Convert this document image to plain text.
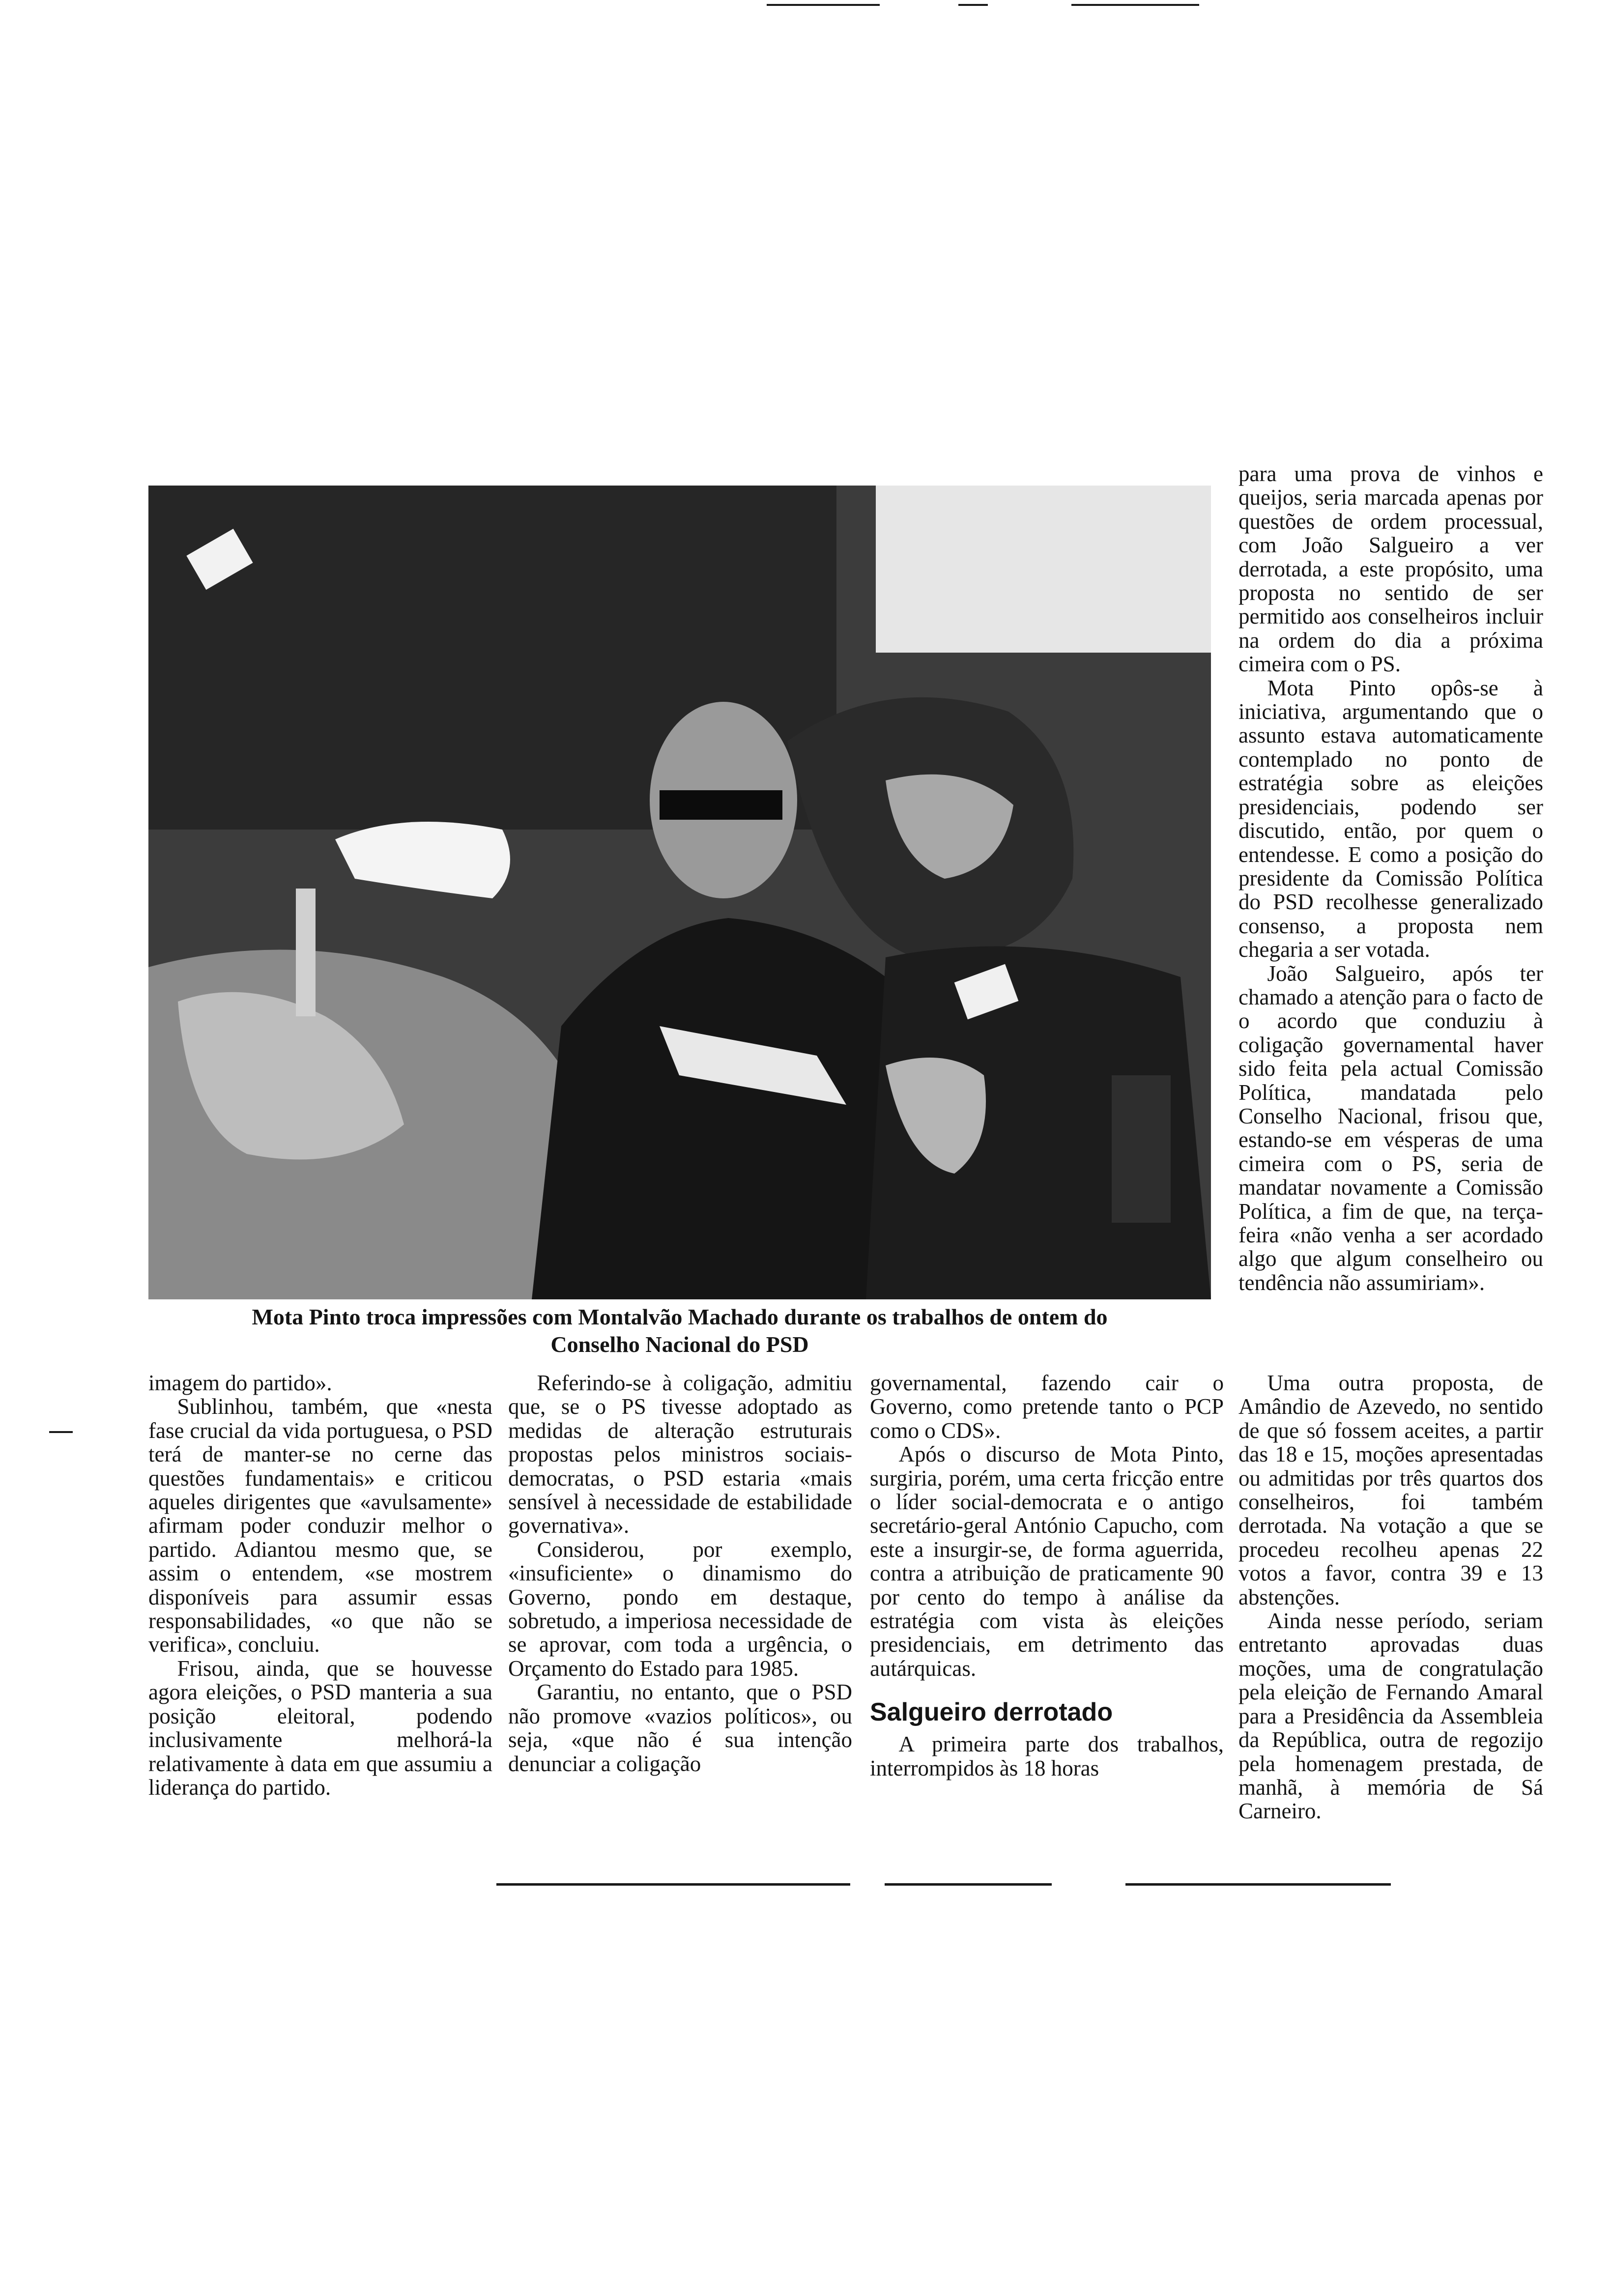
Mota Pinto troca impressões com Montalvão Machado durante os trabalhos de ontem do
Conselho Nacional do PSD

para uma prova de vinhos e queijos, seria marcada apenas por questões de ordem processual, com João Salgueiro a ver derrotada, a este propósito, uma proposta no sentido de ser permitido aos conselheiros incluir na ordem do dia a próxima cimeira com o PS.

Mota Pinto opôs-se à iniciativa, argumentando que o assunto estava automaticamente contemplado no ponto de estratégia sobre as eleições presidenciais, podendo ser discutido, então, por quem o entendesse. E como a posição do presidente da Comissão Política do PSD recolhesse generalizado consenso, a proposta nem chegaria a ser votada.

João Salgueiro, após ter chamado a atenção para o facto de o acordo que conduziu à coligação governamental haver sido feita pela actual Comissão Política, mandatada pelo Conselho Nacional, frisou que, estando-se em vésperas de uma cimeira com o PS, seria de mandatar novamente a Comissão Política, a fim de que, na terça-feira «não venha a ser acordado algo que algum conselheiro ou tendência não assumiriam».

imagem do partido».

Sublinhou, também, que «nesta fase crucial da vida portuguesa, o PSD terá de manter-se no cerne das questões fundamentais» e criticou aqueles dirigentes que «avulsamente» afirmam poder conduzir melhor o partido. Adiantou mesmo que, se assim o entendem, «se mostrem disponíveis para assumir essas responsabilidades, «o que não se verifica», concluiu.

Frisou, ainda, que se houvesse agora eleições, o PSD manteria a sua posição eleitoral, podendo inclusivamente melhorá-la relativamente à data em que assumiu a liderança do partido.

Referindo-se à coligação, admitiu que, se o PS tivesse adoptado as medidas de alteração estruturais propostas pelos ministros sociais-democratas, o PSD estaria «mais sensível à necessidade de estabilidade governativa».

Considerou, por exemplo, «insuficiente» o dinamismo do Governo, pondo em destaque, sobretudo, a imperiosa necessidade de se aprovar, com toda a urgência, o Orçamento do Estado para 1985.

Garantiu, no entanto, que o PSD não promove «vazios políticos», ou seja, «que não é sua intenção denunciar a coligação

governamental, fazendo cair o Governo, como pretende tanto o PCP como o CDS».

Após o discurso de Mota Pinto, surgiria, porém, uma certa fricção entre o líder social-democrata e o antigo secretário-geral António Capucho, com este a insurgir-se, de forma aguerrida, contra a atribuição de praticamente 90 por cento do tempo à análise da estratégia com vista às eleições presidenciais, em detrimento das autárquicas.

Salgueiro derrotado

A primeira parte dos trabalhos, interrompidos às 18 horas

Uma outra proposta, de Amândio de Azevedo, no sentido de que só fossem aceites, a partir das 18 e 15, moções apresentadas ou admitidas por três quartos dos conselheiros, foi também derrotada. Na votação a que se procedeu recolheu apenas 22 votos a favor, contra 39 e 13 abstenções.

Ainda nesse período, seriam entretanto aprovadas duas moções, uma de congratulação pela eleição de Fernando Amaral para a Presidência da Assembleia da República, outra de regozijo pela homenagem prestada, de manhã, à memória de Sá Carneiro.
